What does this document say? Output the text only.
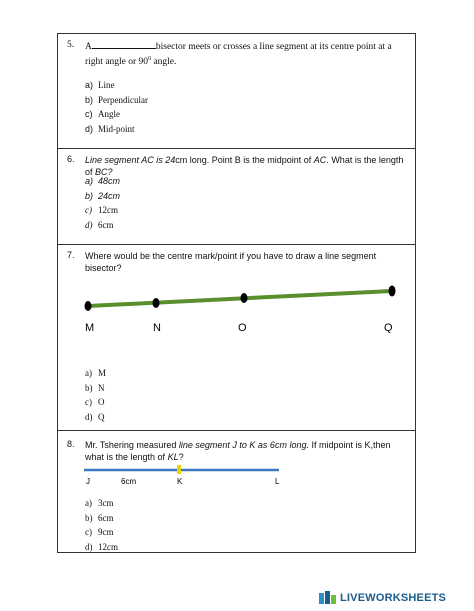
5. A	bisector meets or crosses a line segment at its centre point at a right angle or $90^0$ angle.
a) Line
b) Perpendicular
c) Angle
d) Mid-point
6. Line segment AC is 24cm long. Point B is the midpoint of AC. What is the length of BC?
a) 48cm
b) 24cm
c) 12cm
d) 6cm
7. Where would be the centre mark/point if you have to draw a line segment bisector?
M	N	O	Q
a) M
b) N
c) O
d) Q
8. Mr. Tshering measured line segment J to K as 6cm long. If midpoint is K,then what is the length of KL?
J	6cm	K	L
a) 3cm
b) 6cm
c) 9cm
d) 12cm
LIVEWORKSHEETS
